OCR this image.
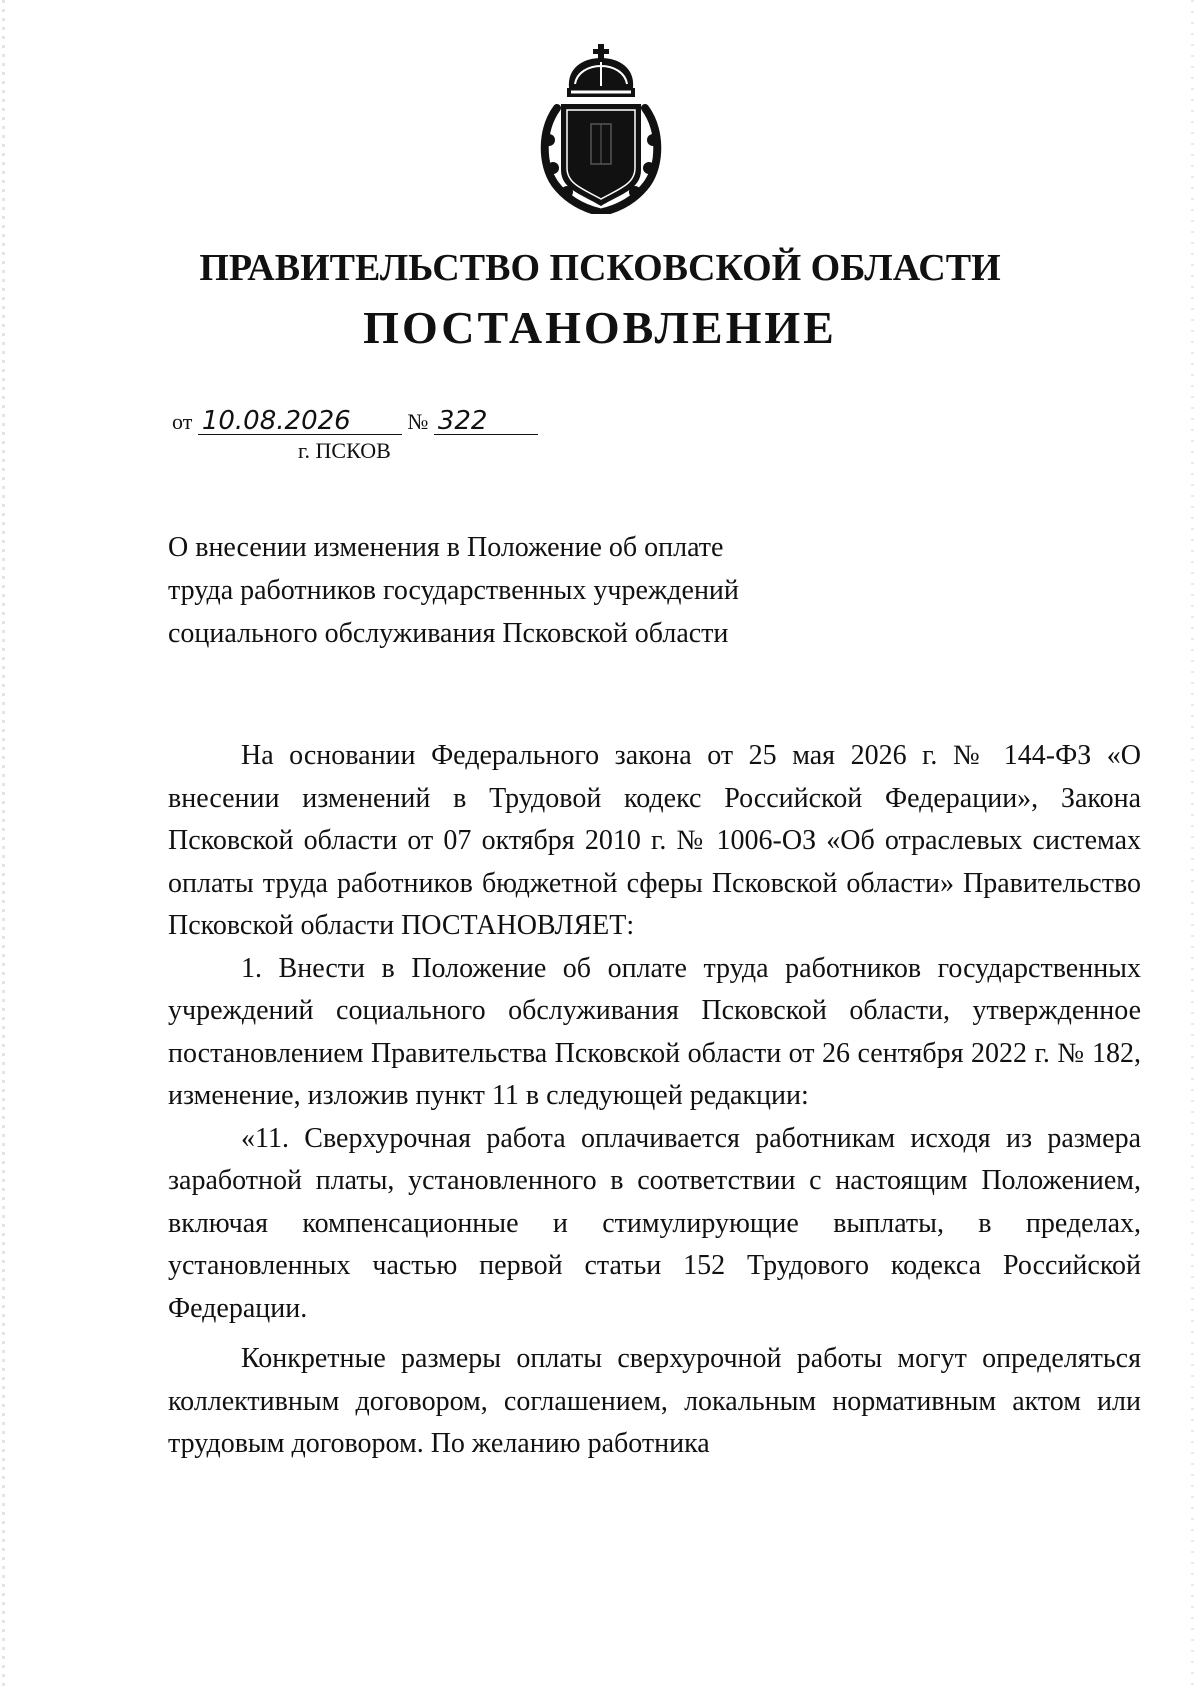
ПРАВИТЕЛЬСТВО ПСКОВСКОЙ ОБЛАСТИ
ПОСТАНОВЛЕНИЕ
от 10.08.2026	№ 322
г. ПСКОВ
О внесении изменения в Положение об оплате
труда работников государственных учреждений
социального обслуживания Псковской области

На основании Федерального закона от 25 мая 2026 г. № 144-ФЗ «О внесении изменений в Трудовой кодекс Российской Федерации», Закона Псковской области от 07 октября 2010 г. № 1006-ОЗ «Об отраслевых системах оплаты труда работников бюджетной сферы Псковской области» Правительство Псковской области ПОСТАНОВЛЯЕТ:

1. Внести в Положение об оплате труда работников государственных учреждений социального обслуживания Псковской области, утвержденное постановлением Правительства Псковской области от 26 сентября 2022 г. № 182, изменение, изложив пункт 11 в следующей редакции:

«11. Сверхурочная работа оплачивается работникам исходя из размера заработной платы, установленного в соответствии с настоящим Положением, включая компенсационные и стимулирующие выплаты, в пределах, установленных частью первой статьи 152 Трудового кодекса Российской Федерации.

Конкретные размеры оплаты сверхурочной работы могут определяться коллективным договором, соглашением, локальным нормативным актом или трудовым договором. По желанию работника
